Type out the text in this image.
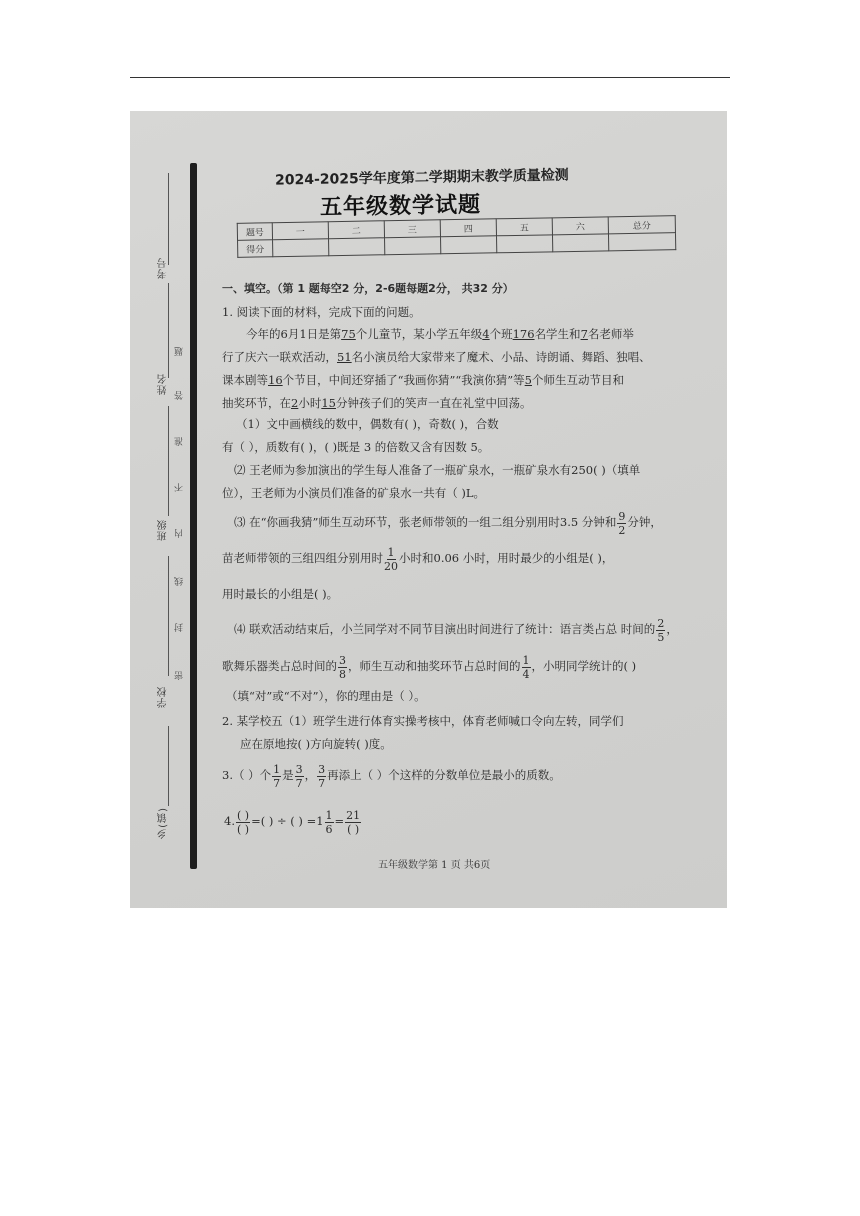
考号
姓名
班级
学校
乡(镇)
题
答
准
不
内
线
封
密
2024-2025学年度第二学期期末教学质量检测
五年级数学试题
题号	一	二	三	四	五	六	总分
得分							
一、填空。（第 1 题每空2 分，2-6题每题2分， 共32 分）
1. 阅读下面的材料，完成下面的问题。
今年的6月1日是第75个儿童节，某小学五年级4个班176名学生和7名老师举
行了庆六一联欢活动，51名小演员给大家带来了魔术、小品、诗朗诵、舞蹈、独唱、
课本剧等16个节目，中间还穿插了“我画你猜”“我演你猜”等5个师生互动节目和
抽奖环节，在2小时15分钟孩子们的笑声一直在礼堂中回荡。
（1）文中画横线的数中，偶数有( )，奇数( )，合数
有（ ），质数有( )，( )既是 3 的倍数又含有因数 5。
⑵ 王老师为参加演出的学生每人准备了一瓶矿泉水，一瓶矿泉水有250( )（填单
位），王老师为小演员们准备的矿泉水一共有（ )L。
⑶ 在“你画我猜”师生互动环节，张老师带领的一组二组分别用时3.5 分钟和 $\frac{9}{2}$ 分钟，
苗老师带领的三组四组分别用时 $\frac{1}{20}$ 小时和0.06 小时，用时最少的小组是( )，
用时最长的小组是( )。
⑷ 联欢活动结束后，小兰同学对不同节目演出时间进行了统计：语言类占总 时间的 $\frac{2}{5}$ ，
歌舞乐器类占总时间的 $\frac{3}{8}$ ，师生互动和抽奖环节占总时间的 $\frac{1}{4}$ ，小明同学统计的( )
（填“对”或“不对”），你的理由是（ ）。
2. 某学校五（1）班学生进行体育实操考核中，体育老师喊口令向左转，同学们
应在原地按( )方向旋转( )度。
3.（ ）个 $\frac{1}{7}$ 是 $\frac{3}{7}$ ， $\frac{3}{7}$ 再添上（ ）个这样的分数单位是最小的质数。
4. $\frac{( )}{( )}$ =( ) ÷ ( ) $=1 \frac{1}{6} = \frac{21}{( )}$
五年级数学第 1 页 共6页
